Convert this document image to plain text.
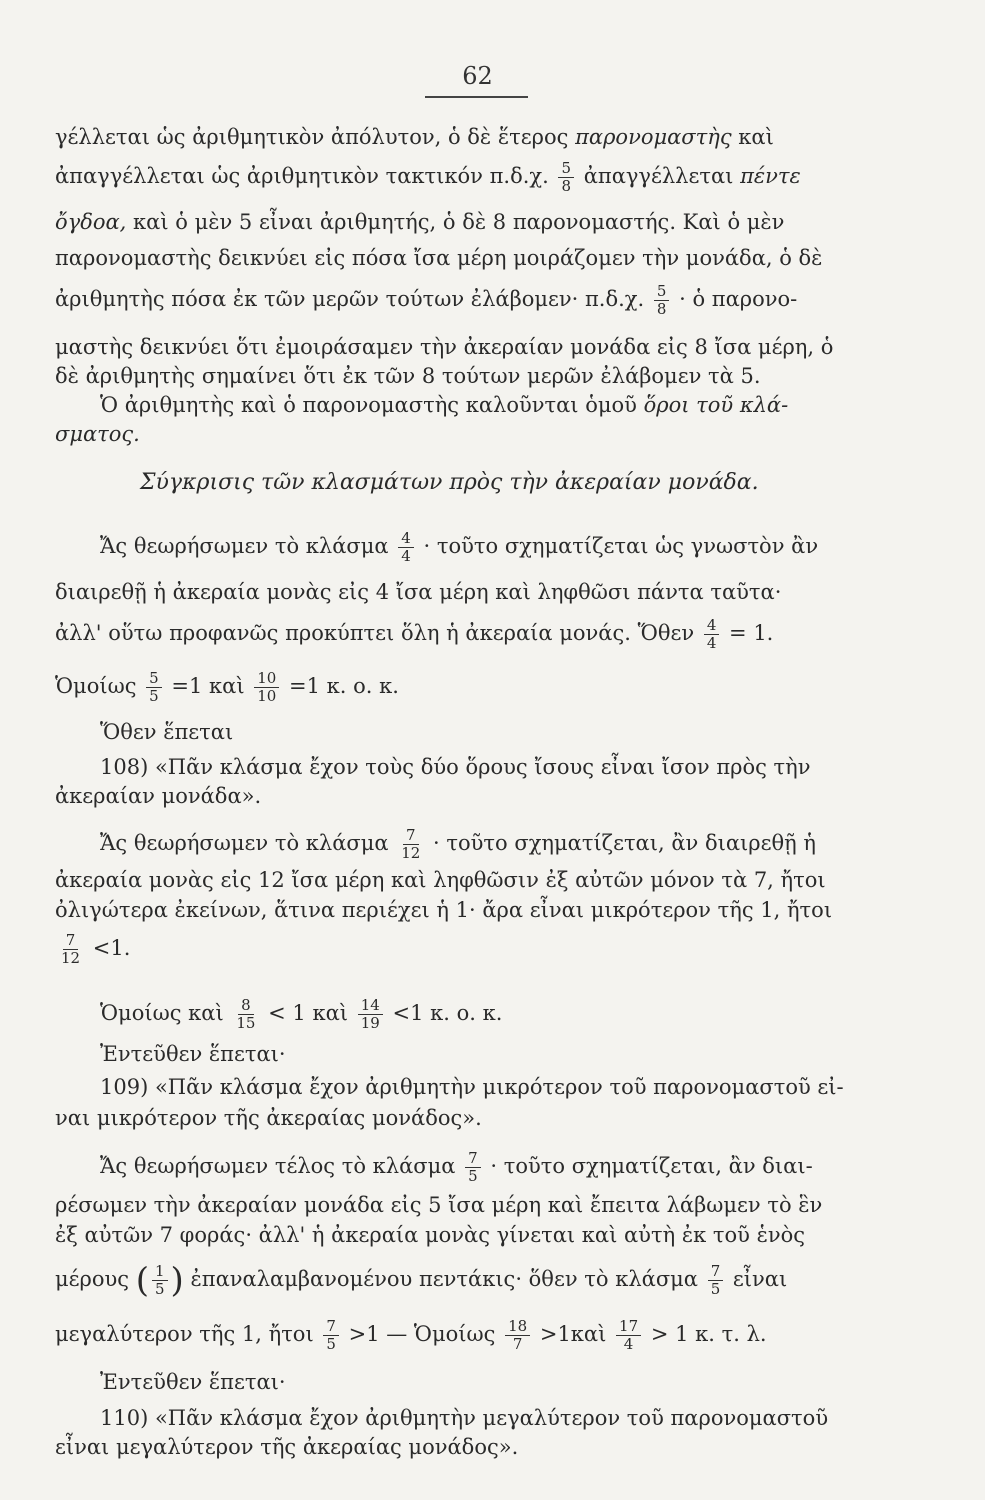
62
γέλλεται ὡς ἀριθμητικὸν ἀπόλυτον, ὁ δὲ ἕτερος παρονομαστὴς καὶ
ἀπαγγέλλεται ὡς ἀριθμητικὸν τακτικόν π.δ.χ. $\frac{5}{8}$ ἀπαγγέλλεται πέντε
ὄγδοα, καὶ ὁ μὲν 5 εἶναι ἀριθμητής, ὁ δὲ 8 παρονομαστής. Καὶ ὁ μὲν
παρονομαστὴς δεικνύει εἰς πόσα ἴσα μέρη μοιράζομεν τὴν μονάδα, ὁ δὲ
ἀριθμητὴς πόσα ἐκ τῶν μερῶν τούτων ἐλάβομεν· π.δ.χ. $\frac{5}{8}$ · ὁ παρονο-
μαστὴς δεικνύει ὅτι ἐμοιράσαμεν τὴν ἀκεραίαν μονάδα εἰς 8 ἴσα μέρη, ὁ
δὲ ἀριθμητὴς σημαίνει ὅτι ἐκ τῶν 8 τούτων μερῶν ἐλάβομεν τὰ 5.
Ὁ ἀριθμητὴς καὶ ὁ παρονομαστὴς καλοῦνται ὁμοῦ ὅροι τοῦ κλά-
σματος.
Σύγκρισις τῶν κλασμάτων πρὸς τὴν ἀκεραίαν μονάδα.
Ἄς θεωρήσωμεν τὸ κλάσμα $\frac{4}{4}$ · τοῦτο σχηματίζεται ὡς γνωστὸν ἂν
διαιρεθῇ ἡ ἀκεραία μονὰς εἰς 4 ἴσα μέρη καὶ ληφθῶσι πάντα ταῦτα·
ἀλλ' οὕτω προφανῶς προκύπτει ὅλη ἡ ἀκεραία μονάς. Ὅθεν $\frac{4}{4} = 1$.
Ὁμοίως $\frac{5}{5} =1$ καὶ $\frac{10}{10} =1$ κ. ο. κ.
Ὅθεν ἕπεται
108) «Πᾶν κλάσμα ἔχον τοὺς δύο ὅρους ἴσους εἶναι ἴσον πρὸς τὴν
ἀκεραίαν μονάδα».
Ἄς θεωρήσωμεν τὸ κλάσμα $\frac{7}{12}$ · τοῦτο σχηματίζεται, ἂν διαιρεθῇ ἡ
ἀκεραία μονὰς εἰς 12 ἴσα μέρη καὶ ληφθῶσιν ἐξ αὐτῶν μόνον τὰ 7, ἤτοι
ὀλιγώτερα ἐκείνων, ἅτινα περιέχει ἡ 1· ἄρα εἶναι μικρότερον τῆς 1, ἤτοι
$\frac{7}{12} <1$.
Ὁμοίως καὶ $\frac{8}{15} < 1$ καὶ $\frac{14}{19} <1$ κ. ο. κ.
Ἐντεῦθεν ἕπεται·
109) «Πᾶν κλάσμα ἔχον ἀριθμητὴν μικρότερον τοῦ παρονομαστοῦ εἰ-
ναι μικρότερον τῆς ἀκεραίας μονάδος».
Ἄς θεωρήσωμεν τέλος τὸ κλάσμα $\frac{7}{5}$ · τοῦτο σχηματίζεται, ἂν διαι-
ρέσωμεν τὴν ἀκεραίαν μονάδα εἰς 5 ἴσα μέρη καὶ ἔπειτα λάβωμεν τὸ ἓν
ἐξ αὐτῶν 7 φοράς· ἀλλ' ἡ ἀκεραία μονὰς γίνεται καὶ αὐτὴ ἐκ τοῦ ἑνὸς
μέρους ( $\frac{1}{5}$ ) ἐπαναλαμβανομένου πεντάκις· ὅθεν τὸ κλάσμα $\frac{7}{5}$ εἶναι
μεγαλύτερον τῆς 1, ἤτοι $\frac{7}{5} >1$ — Ὁμοίως $\frac{18}{7}$ >1καὶ $\frac{17}{4} > 1$ κ. τ. λ.
Ἐντεῦθεν ἕπεται·
110) «Πᾶν κλάσμα ἔχον ἀριθμητὴν μεγαλύτερον τοῦ παρονομαστοῦ
εἶναι μεγαλύτερον τῆς ἀκεραίας μονάδος».
